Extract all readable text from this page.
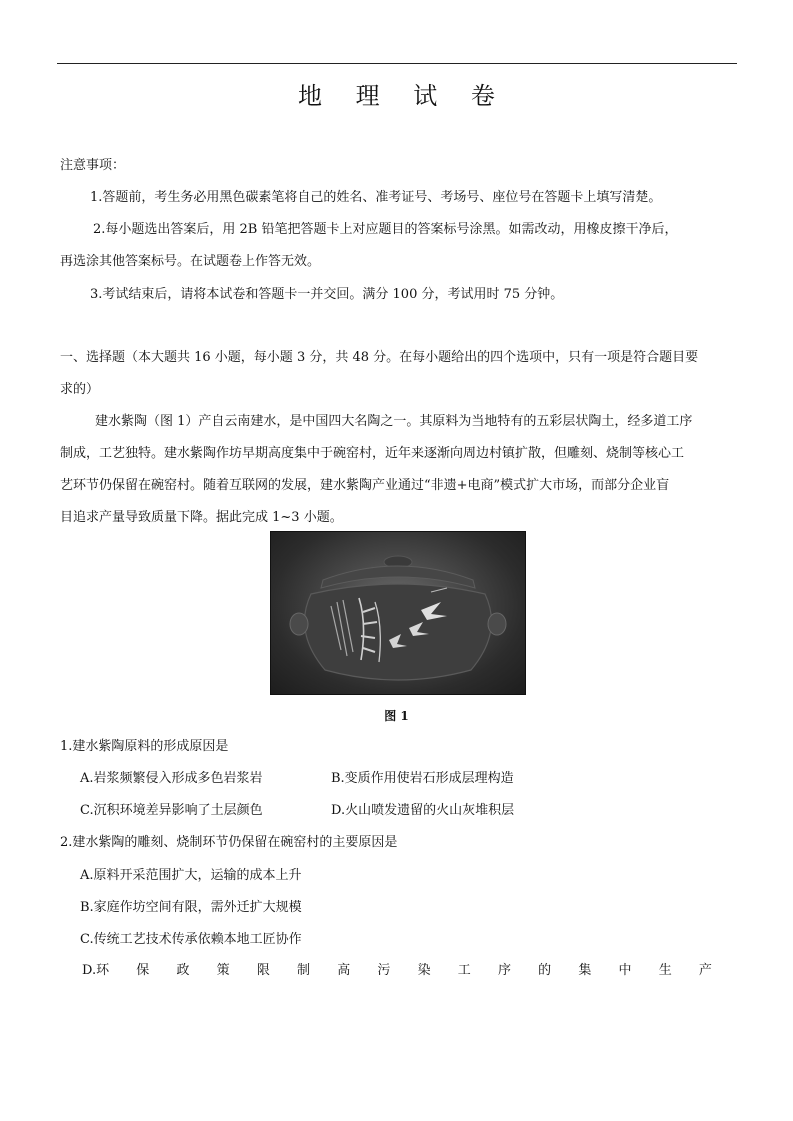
地 理 试 卷
注意事项：
1.答题前，考生务必用黑色碳素笔将自己的姓名、准考证号、考场号、座位号在答题卡上填写清楚。
2.每小题选出答案后，用 2B 铅笔把答题卡上对应题目的答案标号涂黑。如需改动，用橡皮擦干净后，
再选涂其他答案标号。在试题卷上作答无效。
3.考试结束后，请将本试卷和答题卡一并交回。满分 100 分，考试用时 75 分钟。
一、选择题（本大题共 16 小题，每小题 3 分，共 48 分。在每小题给出的四个选项中，只有一项是符合题目要
求的）
建水紫陶（图 1）产自云南建水，是中国四大名陶之一。其原料为当地特有的五彩层状陶土，经多道工序
制成，工艺独特。建水紫陶作坊早期高度集中于碗窑村，近年来逐渐向周边村镇扩散，但雕刻、烧制等核心工
艺环节仍保留在碗窑村。随着互联网的发展，建水紫陶产业通过“非遗+电商”模式扩大市场，而部分企业盲
目追求产量导致质量下降。据此完成 1~3 小题。
图 1
1.建水紫陶原料的形成原因是
A.岩浆频繁侵入形成多色岩浆岩	B.变质作用使岩石形成层理构造
C.沉积环境差异影响了土层颜色	D.火山喷发遗留的火山灰堆积层
2.建水紫陶的雕刻、烧制环节仍保留在碗窑村的主要原因是
A.原料开采范围扩大，运输的成本上升
B.家庭作坊空间有限，需外迁扩大规模
C.传统工艺技术传承依赖本地工匠协作
D.环 保 政 策 限 制 高 污 染 工 序 的 集 中 生 产
